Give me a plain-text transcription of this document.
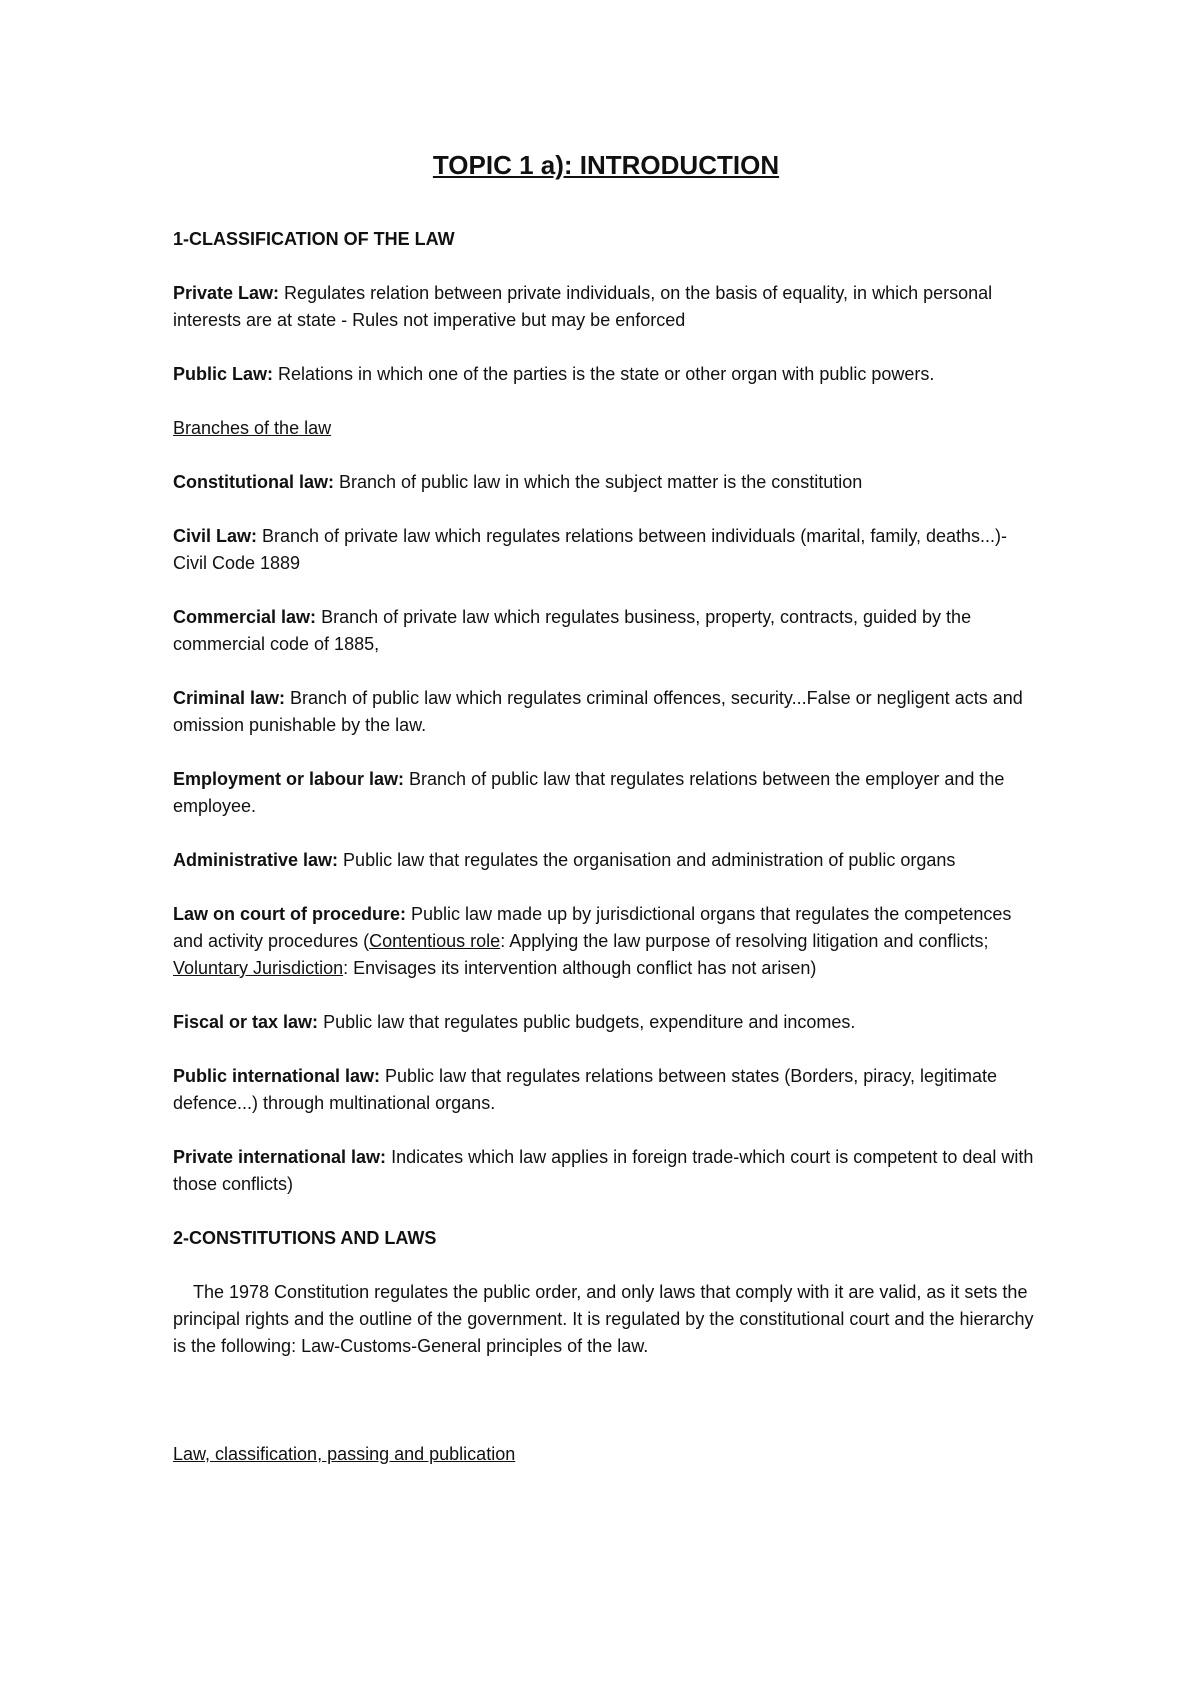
TOPIC 1 a): INTRODUCTION
1-CLASSIFICATION OF THE LAW
Private Law: Regulates relation between private individuals, on the basis of equality, in which personal interests are at state - Rules not imperative but may be enforced
Public Law: Relations in which one of the parties is the state or other organ with public powers.
Branches of the law
Constitutional law: Branch of public law in which the subject matter is the constitution
Civil Law: Branch of private law which regulates relations between individuals (marital, family, deaths...)-Civil Code 1889
Commercial law: Branch of private law which regulates business, property, contracts, guided by the commercial code of 1885,
Criminal law: Branch of public law which regulates criminal offences, security...False or negligent acts and omission punishable by the law.
Employment or labour law: Branch of public law that regulates relations between the employer and the employee.
Administrative law: Public law that regulates the organisation and administration of public organs
Law on court of procedure: Public law made up by jurisdictional organs that regulates the competences and activity procedures (Contentious role: Applying the law purpose of resolving litigation and conflicts; Voluntary Jurisdiction: Envisages its intervention although conflict has not arisen)
Fiscal or tax law: Public law that regulates public budgets, expenditure and incomes.
Public international law: Public law that regulates relations between states (Borders, piracy, legitimate defence...) through multinational organs.
Private international law: Indicates which law applies in foreign trade-which court is competent to deal with those conflicts)
2-CONSTITUTIONS AND LAWS
The 1978 Constitution regulates the public order, and only laws that comply with it are valid, as it sets the principal rights and the outline of the government. It is regulated by the constitutional court and the hierarchy is the following: Law-Customs-General principles of the law.
Law, classification, passing and publication
